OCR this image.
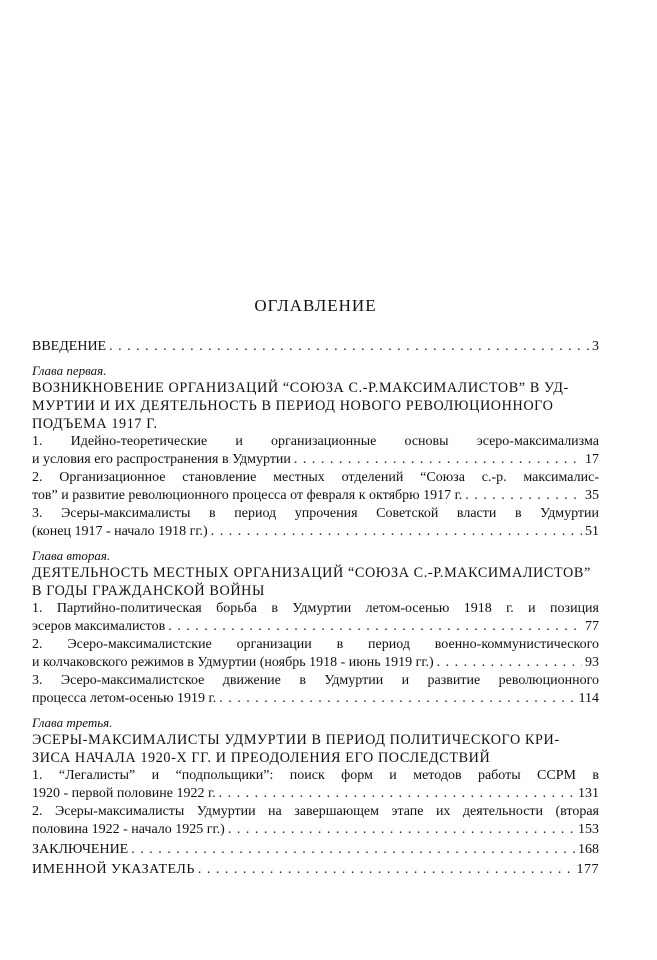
ОГЛАВЛЕНИЕ
ВВЕДЕНИЕ . . .	3
Глава первая.
ВОЗНИКНОВЕНИЕ ОРГАНИЗАЦИЙ “СОЮЗА С.-Р.МАКСИМАЛИСТОВ” В УД-
МУРТИИ И ИХ ДЕЯТЕЛЬНОСТЬ В ПЕРИОД НОВОГО РЕВОЛЮЦИОННОГО
ПОДЪЕМА 1917 Г.
1. Идейно-теоретические и организационные основы эсеро-максимализма
и условия его распространения в Удмуртии . . .	17
2. Организационное становление местных отделений “Союза с.-р. максималис-
тов” и развитие революционного процесса от февраля к октябрю 1917 г. . . .	35
3. Эсеры-максималисты в период упрочения Советской власти в Удмуртии
(конец 1917 - начало 1918 гг.) . . .	51
Глава вторая.
ДЕЯТЕЛЬНОСТЬ МЕСТНЫХ ОРГАНИЗАЦИЙ “СОЮЗА С.-Р.МАКСИМАЛИСТОВ”
В ГОДЫ ГРАЖДАНСКОЙ ВОЙНЫ
1. Партийно-политическая борьба в Удмуртии летом-осенью 1918 г. и позиция
эсеров максималистов . . .	77
2. Эсеро-максималистские организации в период военно-коммунистического
и колчаковского режимов в Удмуртии (ноябрь 1918 - июнь 1919 гг.) . . .	93
3. Эсеро-максималистское движение в Удмуртии и развитие революционного
процесса летом-осенью 1919 г. . . .	114
Глава третья.
ЭСЕРЫ-МАКСИМАЛИСТЫ УДМУРТИИ В ПЕРИОД ПОЛИТИЧЕСКОГО КРИ-
ЗИСА НАЧАЛА 1920-Х ГГ. И ПРЕОДОЛЕНИЯ ЕГО ПОСЛЕДСТВИЙ
1. “Легалисты” и “подпольщики”: поиск форм и методов работы ССРМ в
1920 - первой половине 1922 г. . . .	131
2. Эсеры-максималисты Удмуртии на завершающем этапе их деятельности (вторая
половина 1922 - начало 1925 гг.) . . .	153
ЗАКЛЮЧЕНИЕ . . .	168
ИМЕННОЙ УКАЗАТЕЛЬ . . .	177
